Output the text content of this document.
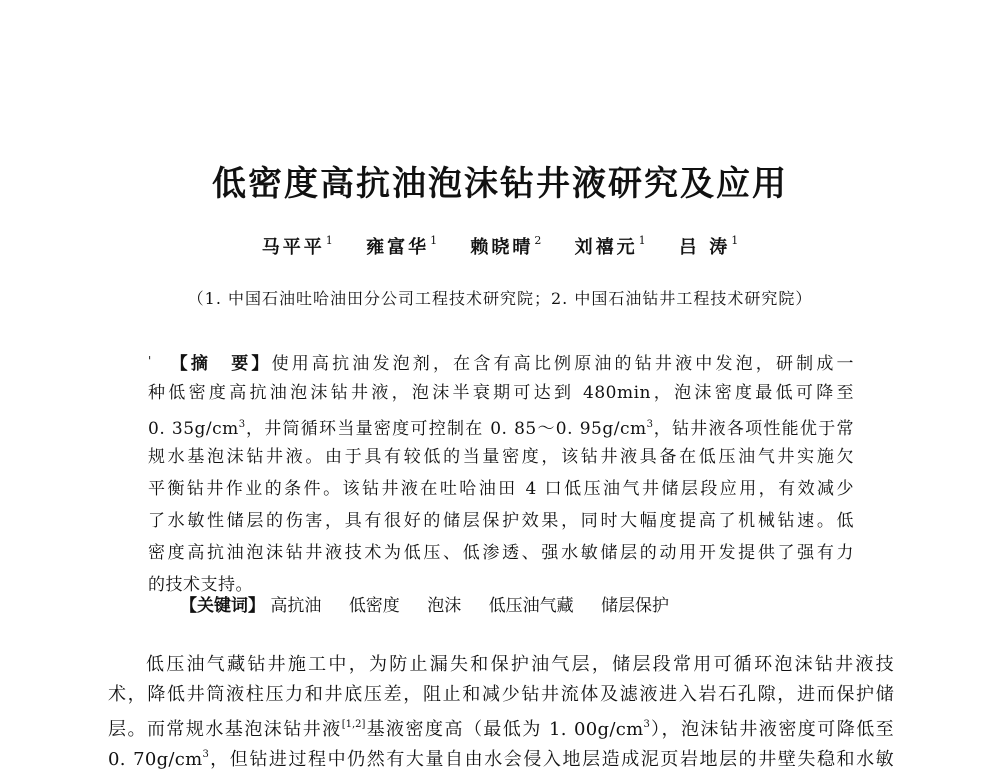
低密度高抗油泡沫钻井液研究及应用
马平平$^1$ 雍富华$^1$ 赖晓晴$^2$ 刘禧元$^1$ 吕 涛$^1$
（1. 中国石油吐哈油田分公司工程技术研究院；2. 中国石油钻井工程技术研究院）
' 【摘　要】使用高抗油发泡剂，在含有高比例原油的钻井液中发泡，研制成一
种低密度高抗油泡沫钻井液，泡沫半衰期可达到 480min，泡沫密度最低可降至
0. $35g/cm^3$，井筒循环当量密度可控制在 0. 85～0. $95g/cm^3$，钻井液各项性能优于常
规水基泡沫钻井液。由于具有较低的当量密度，该钻井液具备在低压油气井实施欠
平衡钻井作业的条件。该钻井液在吐哈油田 4 口低压油气井储层段应用，有效减少
了水敏性储层的伤害，具有很好的储层保护效果，同时大幅度提高了机械钻速。低
密度高抗油泡沫钻井液技术为低压、低渗透、强水敏储层的动用开发提供了强有力
的技术支持。
【关键词】 高抗油 低密度 泡沫 低压油气藏 储层保护
低压油气藏钻井施工中，为防止漏失和保护油气层，储层段常用可循环泡沫钻井液技
术，降低井筒液柱压力和井底压差，阻止和减少钻井流体及滤液进入岩石孔隙，进而保护储
层。而常规水基泡沫钻井液[1,2]基液密度高（最低为 1. $00g/cm^3$），泡沫钻井液密度可降低至
0. $70g/cm^3$，但钻进过程中仍然有大量自由水会侵入地层造成泥页岩地层的井壁失稳和水敏
